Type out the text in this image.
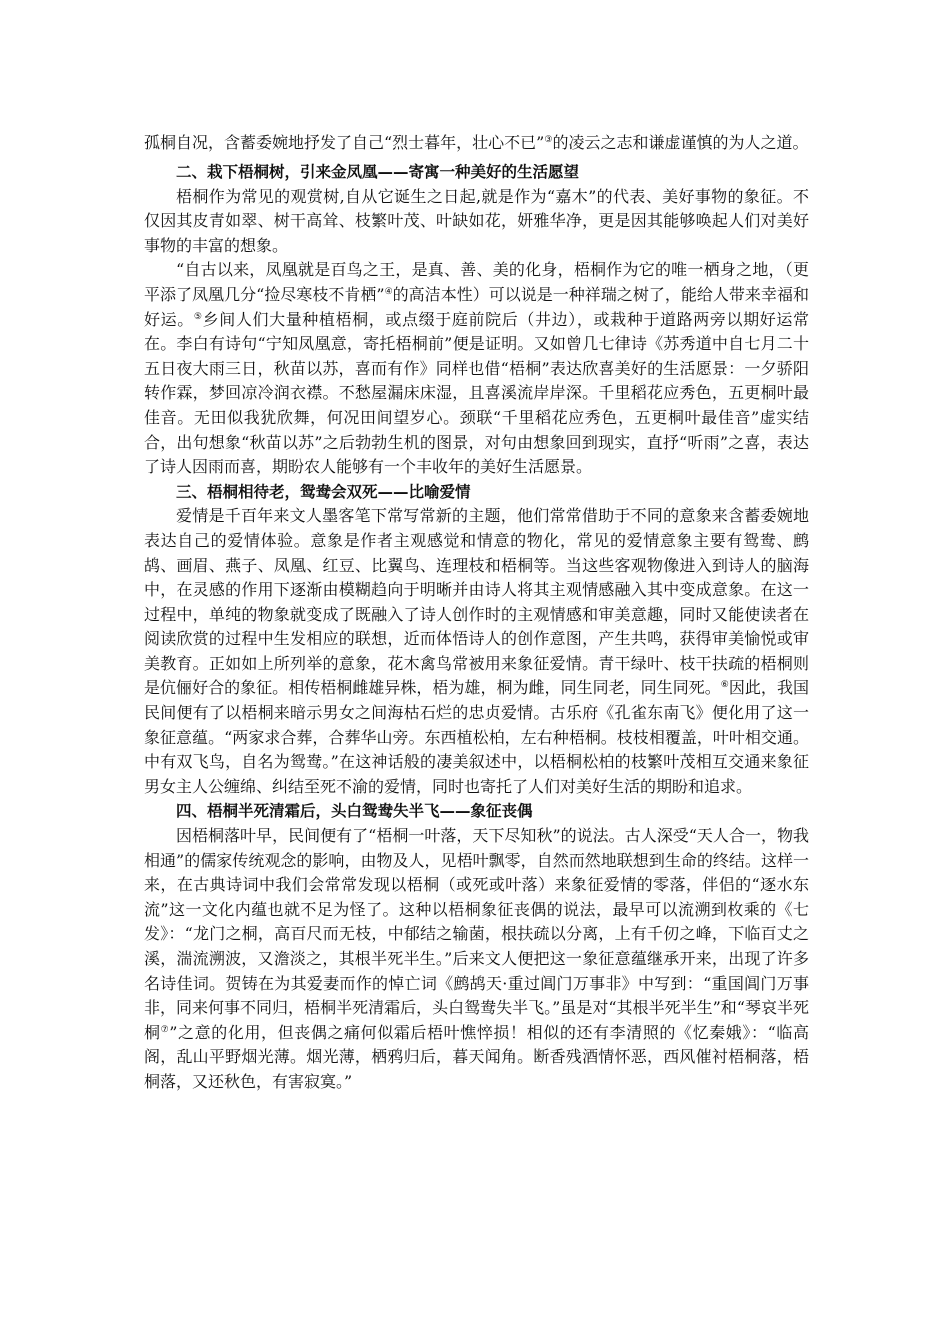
孤桐自况，含蓄委婉地抒发了自己“烈士暮年，壮心不已”③的凌云之志和谦虚谨慎的为人之道。

二、栽下梧桐树，引来金凤凰——寄寓一种美好的生活愿望

梧桐作为常见的观赏树,自从它诞生之日起,就是作为“嘉木”的代表、美好事物的象征。不仅因其皮青如翠、树干高耸、枝繁叶茂、叶缺如花，妍雅华净，更是因其能够唤起人们对美好事物的丰富的想象。

“自古以来，凤凰就是百鸟之王，是真、善、美的化身，梧桐作为它的唯一栖身之地，（更平添了凤凰几分“捡尽寒枝不肯栖”④的高洁本性）可以说是一种祥瑞之树了，能给人带来幸福和好运。⑤乡间人们大量种植梧桐，或点缀于庭前院后（井边），或栽种于道路两旁以期好运常在。李白有诗句“宁知凤凰意，寄托梧桐前”便是证明。又如曾几七律诗《苏秀道中自七月二十五日夜大雨三日，秋苗以苏，喜而有作》同样也借“梧桐”表达欣喜美好的生活愿景：一夕骄阳转作霖，梦回凉冷润衣襟。不愁屋漏床床湿，且喜溪流岸岸深。千里稻花应秀色，五更桐叶最佳音。无田似我犹欣舞，何况田间望岁心。颈联“千里稻花应秀色，五更桐叶最佳音”虚实结合，出句想象“秋苗以苏”之后勃勃生机的图景，对句由想象回到现实，直抒“听雨”之喜，表达了诗人因雨而喜，期盼农人能够有一个丰收年的美好生活愿景。

三、梧桐相待老，鸳鸯会双死——比喻爱情

爱情是千百年来文人墨客笔下常写常新的主题，他们常常借助于不同的意象来含蓄委婉地表达自己的爱情体验。意象是作者主观感觉和情意的物化，常见的爱情意象主要有鸳鸯、鹧鸪、画眉、燕子、凤凰、红豆、比翼鸟、连理枝和梧桐等。当这些客观物像进入到诗人的脑海中，在灵感的作用下逐渐由模糊趋向于明晰并由诗人将其主观情感融入其中变成意象。在这一过程中，单纯的物象就变成了既融入了诗人创作时的主观情感和审美意趣，同时又能使读者在阅读欣赏的过程中生发相应的联想，近而体悟诗人的创作意图，产生共鸣，获得审美愉悦或审美教育。正如如上所列举的意象，花木禽鸟常被用来象征爱情。青干绿叶、枝干扶疏的梧桐则是伉俪好合的象征。相传梧桐雌雄异株，梧为雄，桐为雌，同生同老，同生同死。⑥因此，我国民间便有了以梧桐来暗示男女之间海枯石烂的忠贞爱情。古乐府《孔雀东南飞》便化用了这一象征意蕴。“两家求合葬，合葬华山旁。东西植松柏，左右种梧桐。枝枝相覆盖，叶叶相交通。中有双飞鸟，自名为鸳鸯。”在这神话般的凄美叙述中，以梧桐松柏的枝繁叶茂相互交通来象征男女主人公缠绵、纠结至死不渝的爱情，同时也寄托了人们对美好生活的期盼和追求。

四、梧桐半死清霜后，头白鸳鸯失半飞——象征丧偶

因梧桐落叶早，民间便有了“梧桐一叶落，天下尽知秋”的说法。古人深受“天人合一，物我相通”的儒家传统观念的影响，由物及人，见梧叶飘零，自然而然地联想到生命的终结。这样一来，在古典诗词中我们会常常发现以梧桐（或死或叶落）来象征爱情的零落，伴侣的“逐水东流”这一文化内蕴也就不足为怪了。这种以梧桐象征丧偶的说法，最早可以流溯到枚乘的《七发》：“龙门之桐，高百尺而无枝，中郁结之输菌，根扶疏以分离，上有千仞之峰，下临百丈之溪，湍流溯波，又澹淡之，其根半死半生。”后来文人便把这一象征意蕴继承开来，出现了许多名诗佳词。贺铸在为其爱妻而作的悼亡词《鹧鸪天·重过阊门万事非》中写到：“重国阊门万事非，同来何事不同归，梧桐半死清霜后，头白鸳鸯失半飞。”虽是对“其根半死半生”和“琴哀半死桐⑦”之意的化用，但丧偶之痛何似霜后梧叶憔悴损！相似的还有李清照的《忆秦娥》：“临高阁，乱山平野烟光薄。烟光薄，栖鸦归后，暮天闻角。断香残酒情怀恶，西风催衬梧桐落，梧桐落，又还秋色，有害寂寞。”
